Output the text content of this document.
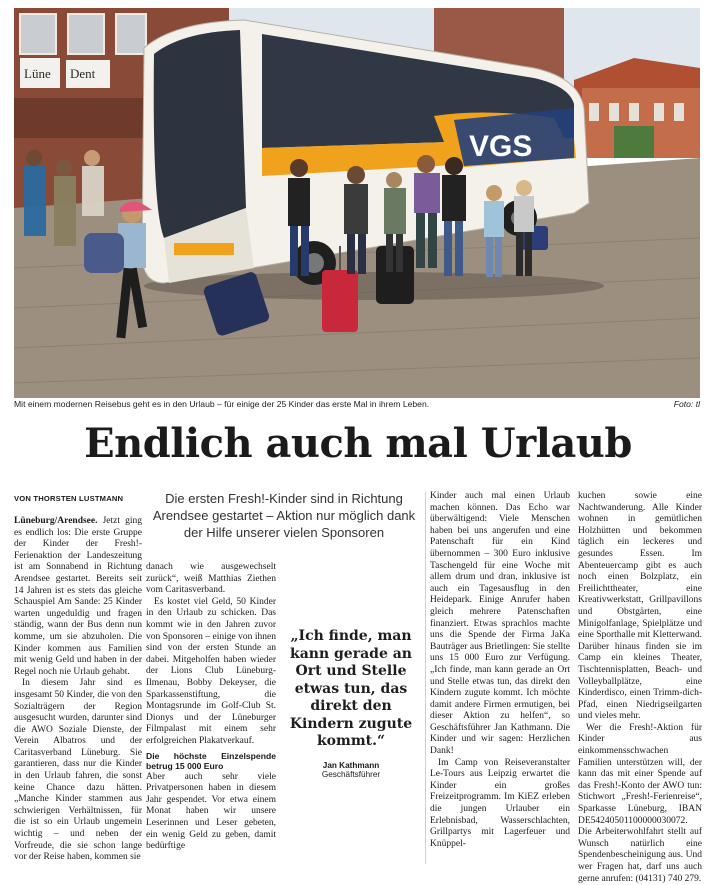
Lüne Dent
VGS
Mit einem modernen Reisebus geht es in den Urlaub – für einige der 25 Kinder das erste Mal in ihrem Leben.	Foto: tl
Endlich auch mal Urlaub
VON THORSTEN LUSTMANN	Die ersten Fresh!-Kinder sind in Richtung Arendsee gestartet – Aktion nur möglich dank der Hilfe unserer vielen Sponsoren

Lüneburg/Arendsee. Jetzt ging es endlich los: Die erste Gruppe der Kinder der Fresh!-Ferienaktion der Landeszeitung ist am Sonnabend in Richtung Arendsee gestartet. Bereits seit 14 Jahren ist es stets das gleiche Schauspiel Am Sande: 25 Kinder warten ungeduldig und fragen ständig, wann der Bus denn nun komme, um sie abzuholen. Die Kinder kommen aus Familien mit wenig Geld und haben in der Regel noch nie Urlaub gehabt.

In diesem Jahr sind es insgesamt 50 Kinder, die von den Sozialträgern der Region ausgesucht wurden, darunter sind die AWO Soziale Dienste, der Verein Albatros und der Caritasverband Lüneburg. Sie garantieren, dass nur die Kinder in den Urlaub fahren, die sonst keine Chance dazu hätten. „Manche Kinder stammen aus schwierigen Verhältnissen, für die ist so ein Urlaub ungemein wichtig – und neben der Vorfreude, die sie schon lange vor der Reise haben, kommen sie

danach wie ausgewechselt zurück“, weiß Matthias Ziethen vom Caritasverband.

Es kostet viel Geld, 50 Kinder in den Urlaub zu schicken. Das kommt wie in den Jahren zuvor von Sponsoren – einige von ihnen sind von der ersten Stunde an dabei. Mitgeholfen haben wieder der Lions Club Lüneburg-Ilmenau, Bobby Dekeyser, die Sparkassenstiftung, die Montagsrunde im Golf-Club St. Dionys und der Lüneburger Filmpalast mit einem sehr erfolgreichen Plakatverkauf.

Die höchste Einzelspende betrug 15 000 Euro

Aber auch sehr viele Privatpersonen haben in diesem Jahr gespendet. Vor etwa einem Monat haben wir unsere Leserinnen und Leser gebeten, ein wenig Geld zu geben, damit bedürftige

„Ich finde, man kann gerade an Ort und Stelle etwas tun, das direkt den Kindern zugute kommt.“
Jan Kathmann
Geschäftsführer

Kinder auch mal einen Urlaub machen können. Das Echo war überwältigend: Viele Menschen haben bei uns angerufen und eine Patenschaft für ein Kind übernommen – 300 Euro inklusive Taschengeld für eine Woche mit allem drum und dran, inklusive ist auch ein Tagesausflug in den Heidepark. Einige Anrufer haben gleich mehrere Patenschaften finanziert. Etwas sprachlos machte uns die Spende der Firma JaKa Bauträger aus Brietlingen: Sie stellte uns 15 000 Euro zur Verfügung. „Ich finde, man kann gerade an Ort und Stelle etwas tun, das direkt den Kindern zugute kommt. Ich möchte damit andere Firmen ermutigen, bei dieser Aktion zu helfen“, so Geschäftsführer Jan Kathmann. Die Kinder und wir sagen: Herzlichen Dank!

Im Camp von Reiseveranstalter Le-Tours aus Leipzig erwartet die Kinder ein großes Freizeitprogramm. Im KiEZ erleben die jungen Urlauber ein Erlebnisbad, Wasserschlachten, Grillpartys mit Lagerfeuer und Knüppel-

kuchen sowie eine Nachtwanderung. Alle Kinder wohnen in gemütlichen Holzhütten und bekommen täglich ein leckeres und gesundes Essen. Im Abenteuercamp gibt es auch noch einen Bolzplatz, ein Freilichttheater, eine Kreativwerkstatt, Grillpavillons und Obstgärten, eine Minigolfanlage, Spielplätze und eine Sporthalle mit Kletterwand. Darüber hinaus finden sie im Camp ein kleines Theater, Tischtennisplatten, Beach- und Volleyballplätze, eine Kinderdisco, einen Trimm-dich-Pfad, einen Niedrigseilgarten und vieles mehr.

Wer die Fresh!-Aktion für Kinder aus einkommensschwachen Familien unterstützen will, der kann das mit einer Spende auf das Fresh!-Konto der AWO tun: Stichwort „Fresh!-Ferienreise“, Sparkasse Lüneburg, IBAN DE54240501100000030072. Die Arbeiterwohlfahrt stellt auf Wunsch natürlich eine Spendenbescheinigung aus. Und wer Fragen hat, darf uns auch gerne anrufen: (04131) 740 279.
